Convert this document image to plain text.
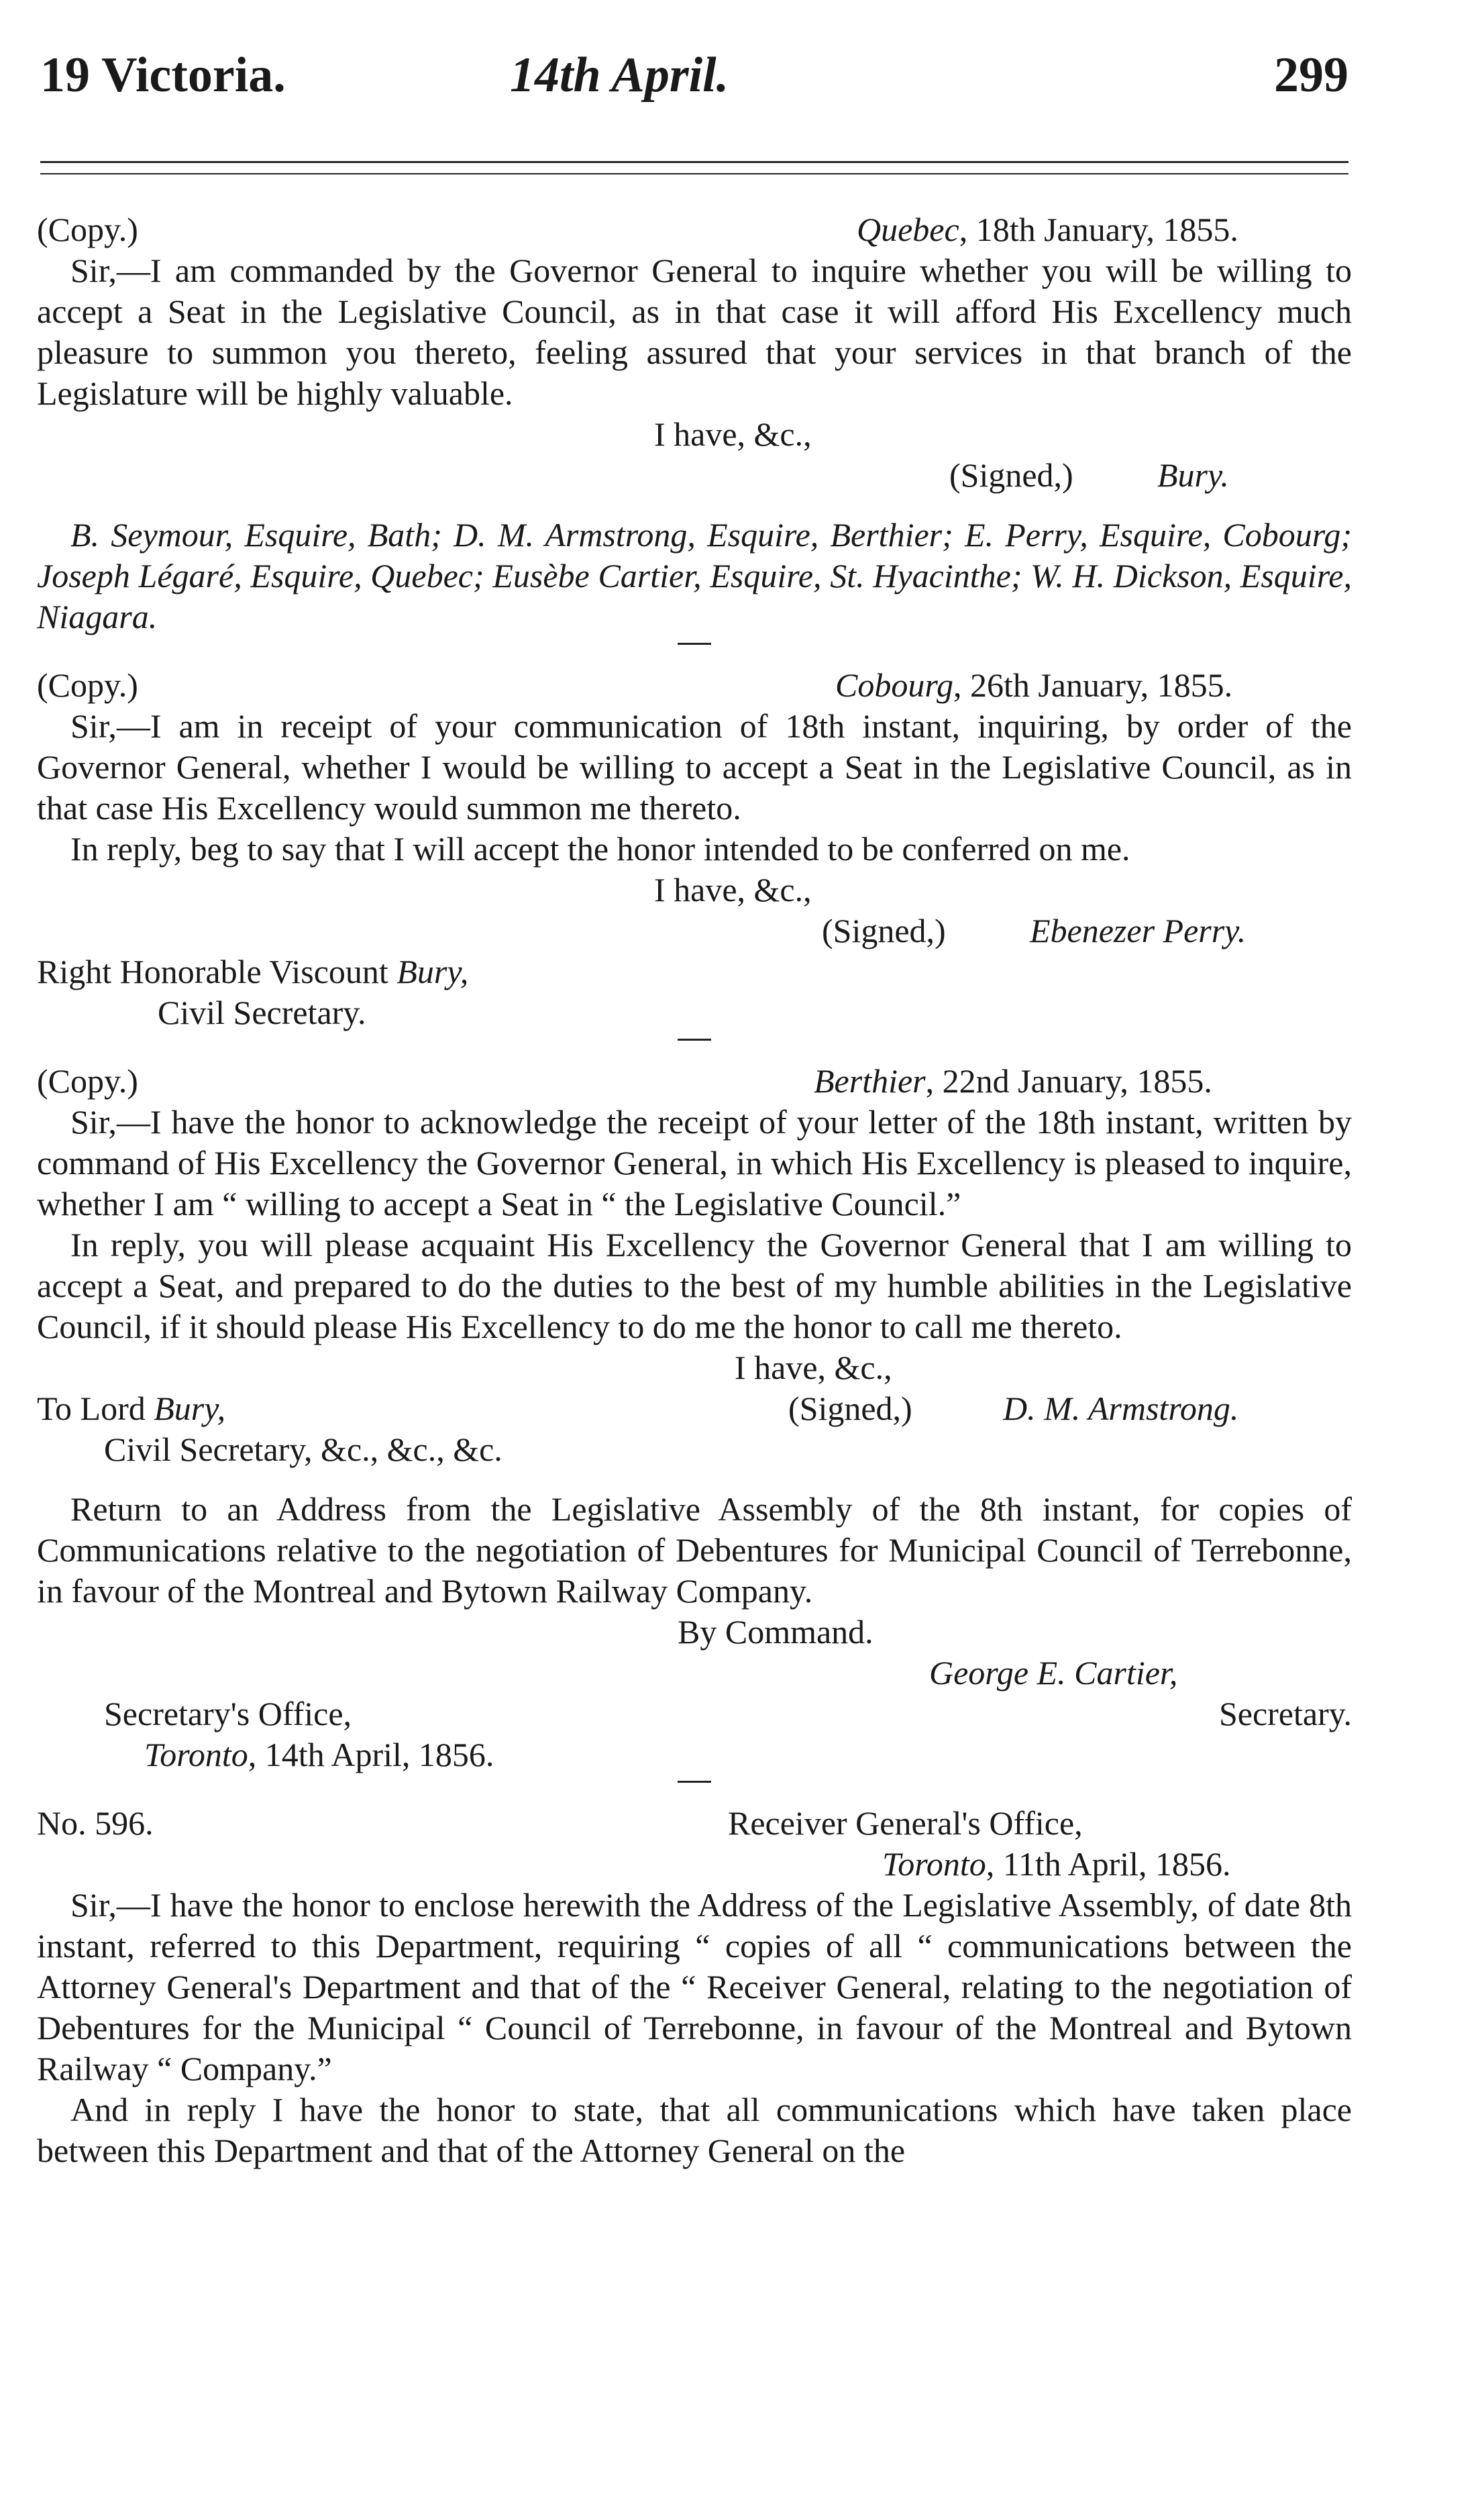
19 Victoria.	14th April.	299
(Copy.)	Quebec, 18th January, 1855.

Sir,—I am commanded by the Governor General to inquire whether you will be willing to accept a Seat in the Legislative Council, as in that case it will afford His Excellency much pleasure to summon you thereto, feeling assured that your services in that branch of the Legislature will be highly valuable.

I have, &c.,
(Signed,)	Bury.

B. Seymour, Esquire, Bath; D. M. Armstrong, Esquire, Berthier; E. Perry, Esquire, Cobourg; Joseph Légaré, Esquire, Quebec; Eusèbe Cartier, Esquire, St. Hyacinthe; W. H. Dickson, Esquire, Niagara.

(Copy.)	Cobourg, 26th January, 1855.

Sir,—I am in receipt of your communication of 18th instant, inquiring, by order of the Governor General, whether I would be willing to accept a Seat in the Legislative Council, as in that case His Excellency would summon me thereto.

In reply, beg to say that I will accept the honor intended to be conferred on me.

I have, &c.,
(Signed,)	Ebenezer Perry.
Right Honorable Viscount Bury,
Civil Secretary.
(Copy.)	Berthier, 22nd January, 1855.

Sir,—I have the honor to acknowledge the receipt of your letter of the 18th instant, written by command of His Excellency the Governor General, in which His Excellency is pleased to inquire, whether I am “ willing to accept a Seat in “ the Legislative Council.”

In reply, you will please acquaint His Excellency the Governor General that I am willing to accept a Seat, and prepared to do the duties to the best of my humble abilities in the Legislative Council, if it should please His Excellency to do me the honor to call me thereto.

I have, &c.,
To Lord Bury,	(Signed,)	D. M. Armstrong.
Civil Secretary, &c., &c., &c.

Return to an Address from the Legislative Assembly of the 8th instant, for copies of Communications relative to the negotiation of Debentures for Municipal Council of Terrebonne, in favour of the Montreal and Bytown Railway Company.

By Command.
George E. Cartier,
Secretary's Office,	Secretary.
Toronto, 14th April, 1856.
No. 596.	Receiver General's Office,
Toronto, 11th April, 1856.

Sir,—I have the honor to enclose herewith the Address of the Legislative Assembly, of date 8th instant, referred to this Department, requiring “ copies of all “ communications between the Attorney General's Department and that of the “ Receiver General, relating to the negotiation of Debentures for the Municipal “ Council of Terrebonne, in favour of the Montreal and Bytown Railway “ Company.”

And in reply I have the honor to state, that all communications which have taken place between this Department and that of the Attorney General on the
